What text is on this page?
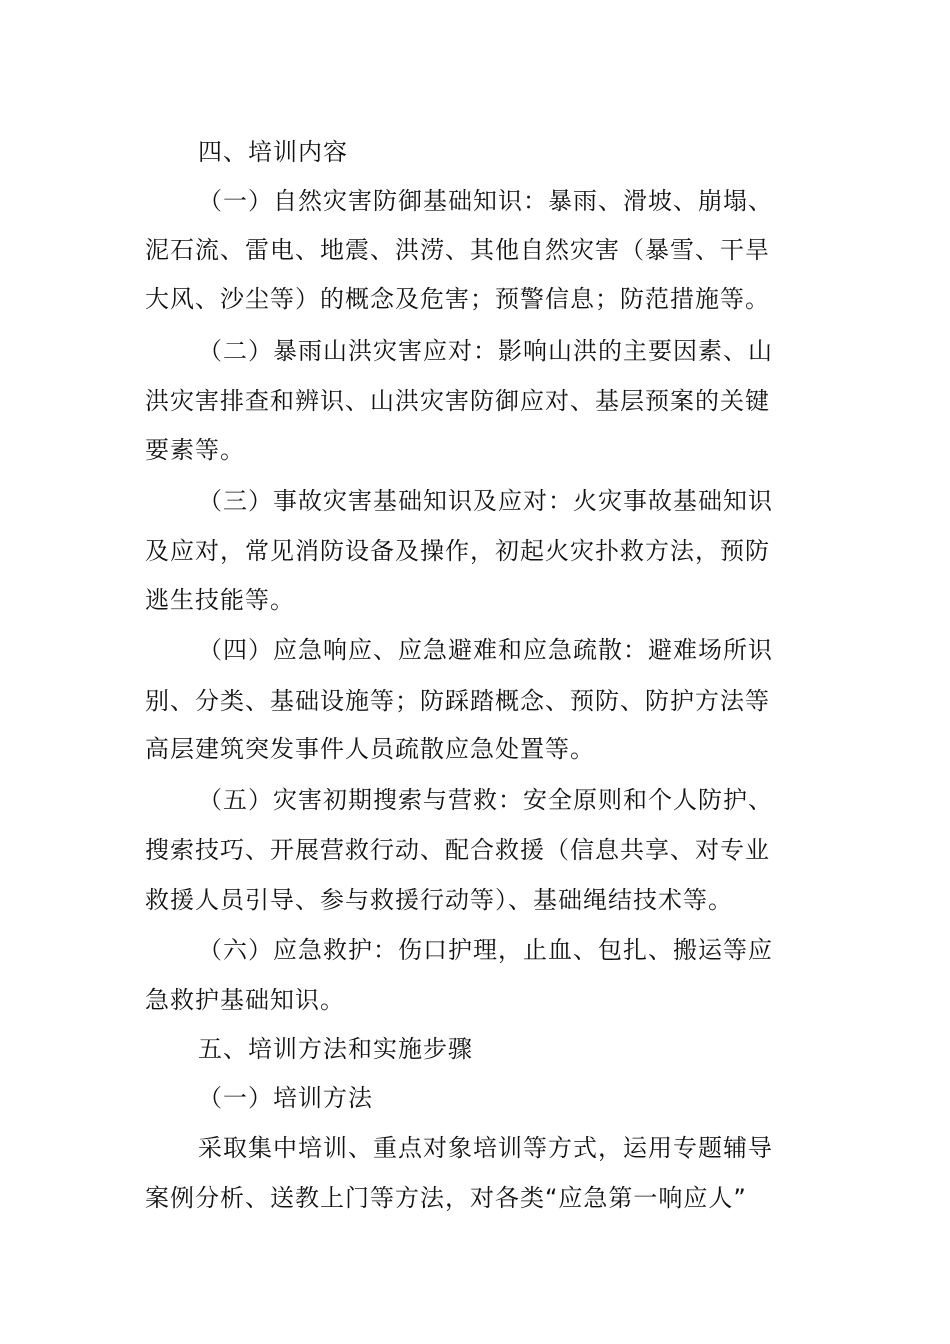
四、培训内容
（一）自然灾害防御基础知识：暴雨、滑坡、崩塌、
泥石流、雷电、地震、洪涝、其他自然灾害（暴雪、干旱
大风、沙尘等）的概念及危害；预警信息；防范措施等。
（二）暴雨山洪灾害应对：影响山洪的主要因素、山
洪灾害排查和辨识、山洪灾害防御应对、基层预案的关键
要素等。
（三）事故灾害基础知识及应对：火灾事故基础知识
及应对，常见消防设备及操作，初起火灾扑救方法，预防
逃生技能等。
（四）应急响应、应急避难和应急疏散：避难场所识
别、分类、基础设施等；防踩踏概念、预防、防护方法等
高层建筑突发事件人员疏散应急处置等。
（五）灾害初期搜索与营救：安全原则和个人防护、
搜索技巧、开展营救行动、配合救援（信息共享、对专业
救援人员引导、参与救援行动等）、基础绳结技术等。
（六）应急救护：伤口护理，止血、包扎、搬运等应
急救护基础知识。
五、培训方法和实施步骤
（一）培训方法
采取集中培训、重点对象培训等方式，运用专题辅导
案例分析、送教上门等方法，对各类“应急第一响应人”
